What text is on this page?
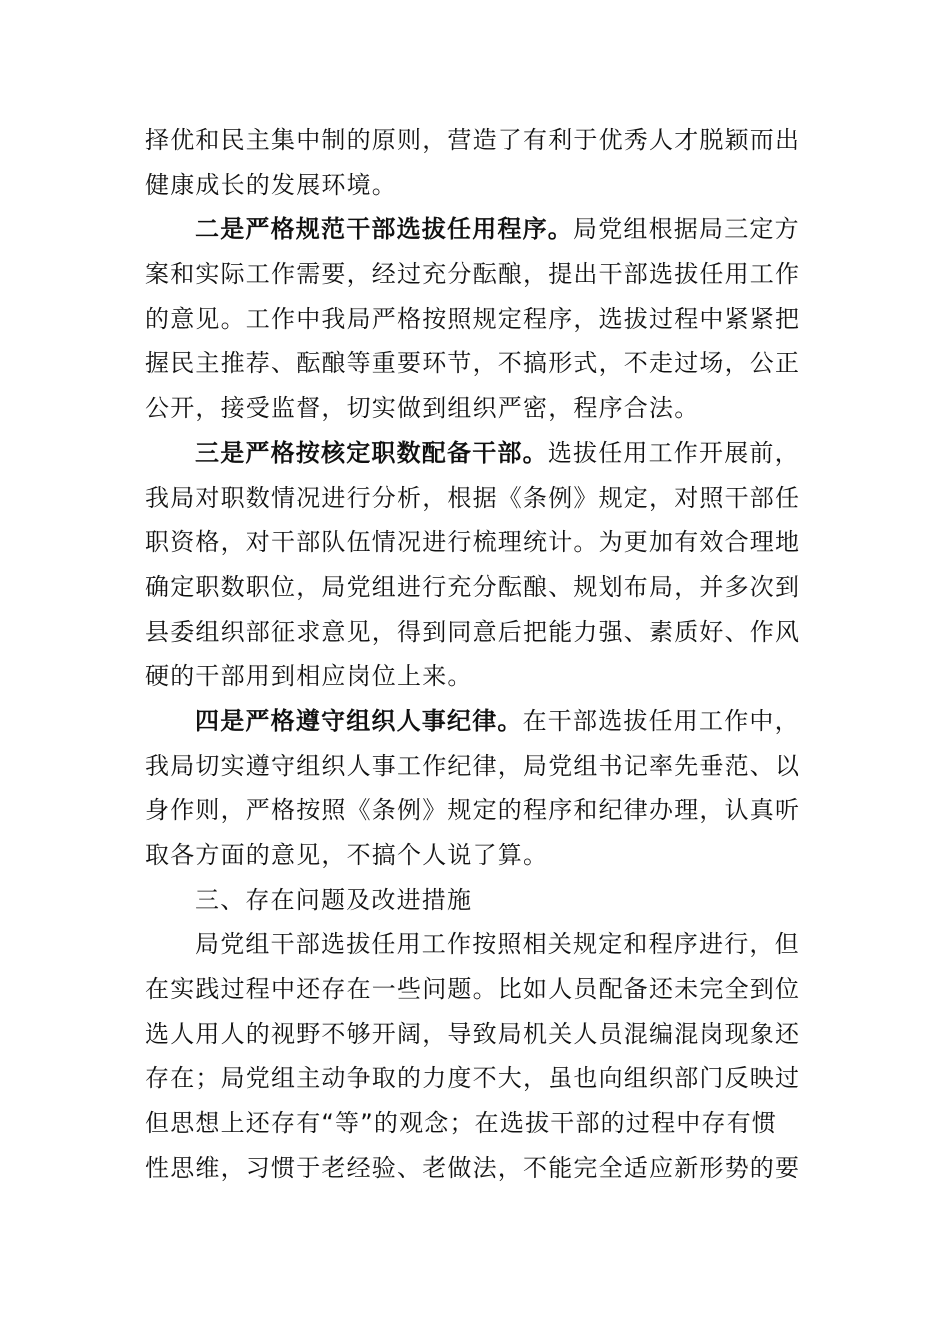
择优和民主集中制的原则，营造了有利于优秀人才脱颖而出
健康成长的发展环境。
二是严格规范干部选拔任用程序。局党组根据局三定方
案和实际工作需要，经过充分酝酿，提出干部选拔任用工作
的意见。工作中我局严格按照规定程序，选拔过程中紧紧把
握民主推荐、酝酿等重要环节，不搞形式，不走过场，公正
公开，接受监督，切实做到组织严密，程序合法。
三是严格按核定职数配备干部。选拔任用工作开展前，
我局对职数情况进行分析，根据《条例》规定，对照干部任
职资格，对干部队伍情况进行梳理统计。为更加有效合理地
确定职数职位，局党组进行充分酝酿、规划布局，并多次到
县委组织部征求意见，得到同意后把能力强、素质好、作风
硬的干部用到相应岗位上来。
四是严格遵守组织人事纪律。在干部选拔任用工作中，
我局切实遵守组织人事工作纪律，局党组书记率先垂范、以
身作则，严格按照《条例》规定的程序和纪律办理，认真听
取各方面的意见，不搞个人说了算。
三、存在问题及改进措施
局党组干部选拔任用工作按照相关规定和程序进行，但
在实践过程中还存在一些问题。比如人员配备还未完全到位
选人用人的视野不够开阔，导致局机关人员混编混岗现象还
存在；局党组主动争取的力度不大，虽也向组织部门反映过
但思想上还存有“等”的观念；在选拔干部的过程中存有惯
性思维，习惯于老经验、老做法，不能完全适应新形势的要
